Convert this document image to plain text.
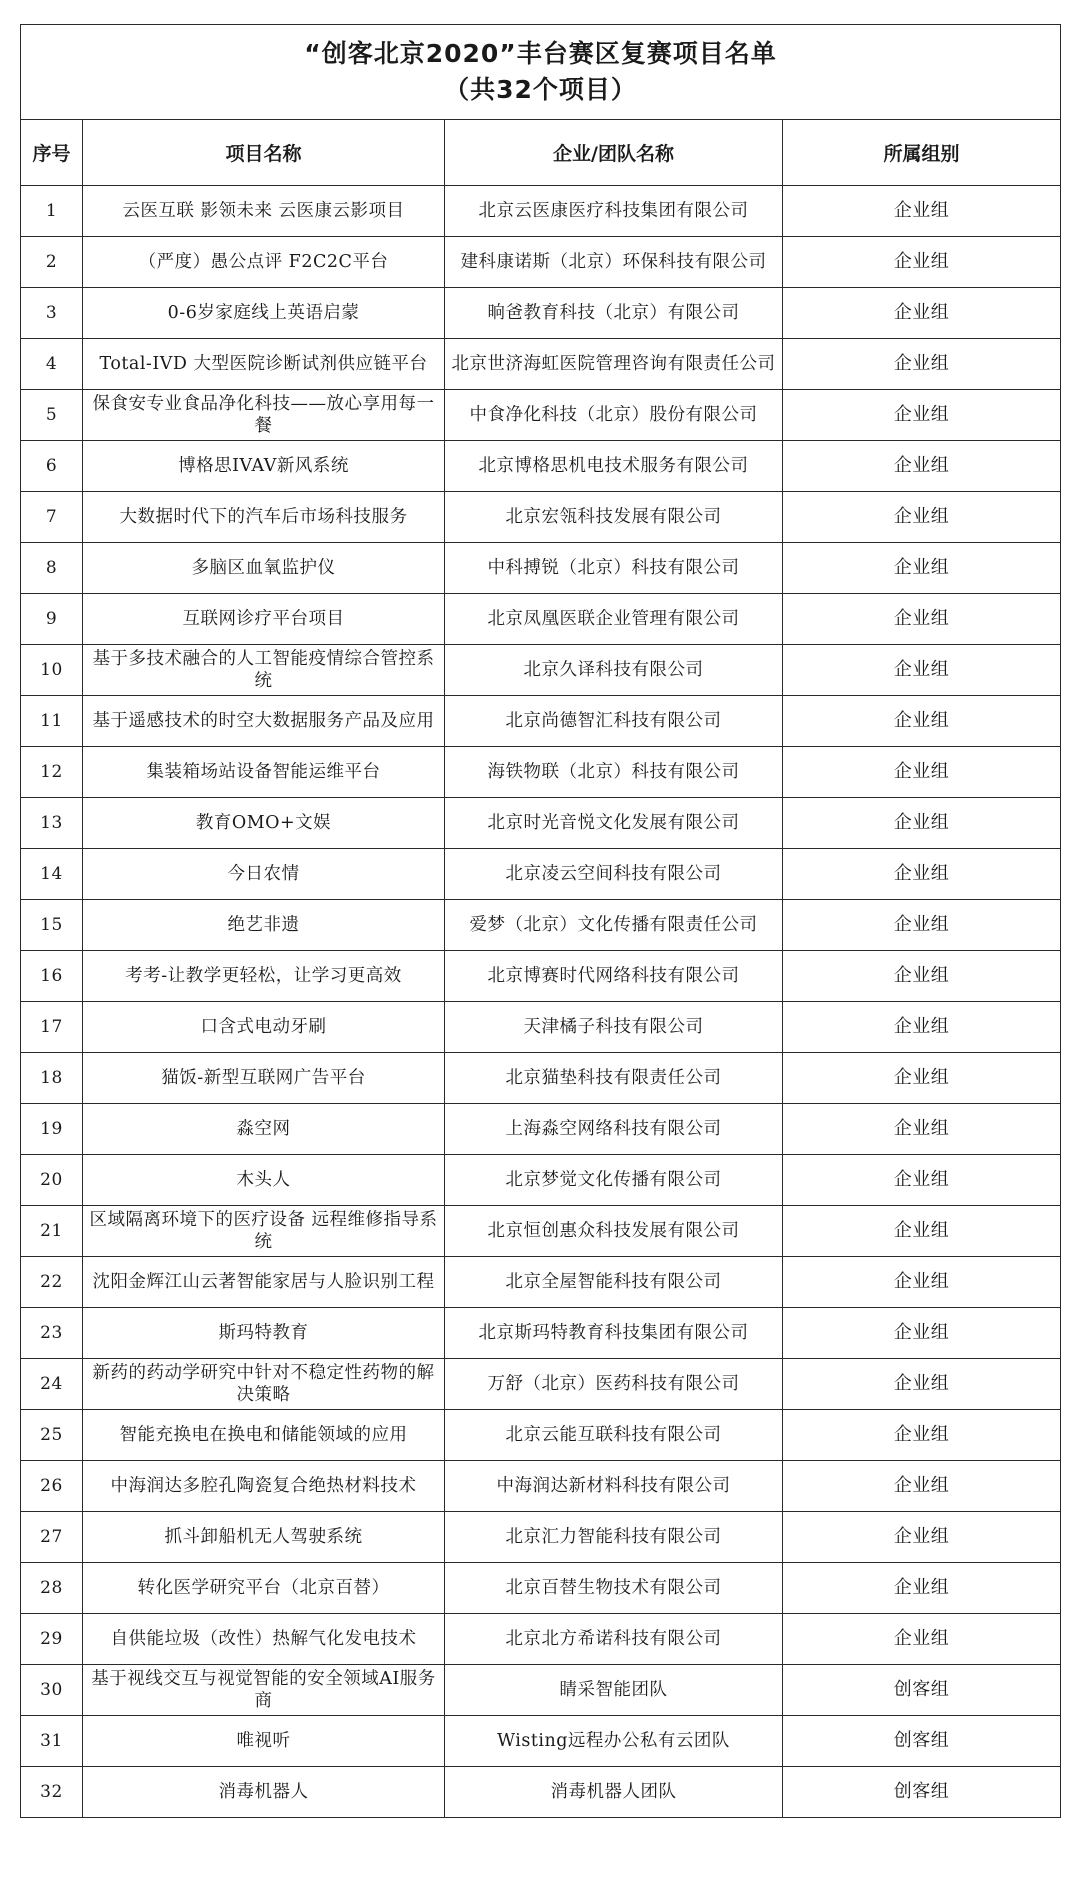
“创客北京2020”丰台赛区复赛项目名单
（共32个项目）			

序号	项目名称	企业/团队名称	所属组别
1	云医互联 影领未来 云医康云影项目	北京云医康医疗科技集团有限公司	企业组
2	（严度）愚公点评 F2C2C平台	建科康诺斯（北京）环保科技有限公司	企业组
3	0-6岁家庭线上英语启蒙	晌爸教育科技（北京）有限公司	企业组
4	Total-IVD 大型医院诊断试剂供应链平台	北京世济海虹医院管理咨询有限责任公司	企业组
5	保食安专业食品净化科技——放心享用每一餐	中食净化科技（北京）股份有限公司	企业组
6	博格思IVAV新风系统	北京博格思机电技术服务有限公司	企业组
7	大数据时代下的汽车后市场科技服务	北京宏瓴科技发展有限公司	企业组
8	多脑区血氧监护仪	中科搏锐（北京）科技有限公司	企业组
9	互联网诊疗平台项目	北京凤凰医联企业管理有限公司	企业组
10	基于多技术融合的人工智能疫情综合管控系统	北京久译科技有限公司	企业组
11	基于遥感技术的时空大数据服务产品及应用	北京尚德智汇科技有限公司	企业组
12	集装箱场站设备智能运维平台	海铁物联（北京）科技有限公司	企业组
13	教育OMO+文娱	北京时光音悦文化发展有限公司	企业组
14	今日农情	北京凌云空间科技有限公司	企业组
15	绝艺非遗	爱梦（北京）文化传播有限责任公司	企业组
16	考考-让教学更轻松，让学习更高效	北京博赛时代网络科技有限公司	企业组
17	口含式电动牙刷	天津橘子科技有限公司	企业组
18	猫饭-新型互联网广告平台	北京猫垫科技有限责任公司	企业组
19	淼空网	上海淼空网络科技有限公司	企业组
20	木头人	北京梦觉文化传播有限公司	企业组
21	区域隔离环境下的医疗设备 远程维修指导系统	北京恒创惠众科技发展有限公司	企业组
22	沈阳金辉江山云著智能家居与人脸识别工程	北京全屋智能科技有限公司	企业组
23	斯玛特教育	北京斯玛特教育科技集团有限公司	企业组
24	新药的药动学研究中针对不稳定性药物的解决策略	万舒（北京）医药科技有限公司	企业组
25	智能充换电在换电和储能领域的应用	北京云能互联科技有限公司	企业组
26	中海润达多腔孔陶瓷复合绝热材料技术	中海润达新材料科技有限公司	企业组
27	抓斗卸船机无人驾驶系统	北京汇力智能科技有限公司	企业组
28	转化医学研究平台（北京百替）	北京百替生物技术有限公司	企业组
29	自供能垃圾（改性）热解气化发电技术	北京北方希诺科技有限公司	企业组
30	基于视线交互与视觉智能的安全领域AI服务商	睛采智能团队	创客组
31	唯视听	Wisting远程办公私有云团队	创客组
32	消毒机器人	消毒机器人团队	创客组
